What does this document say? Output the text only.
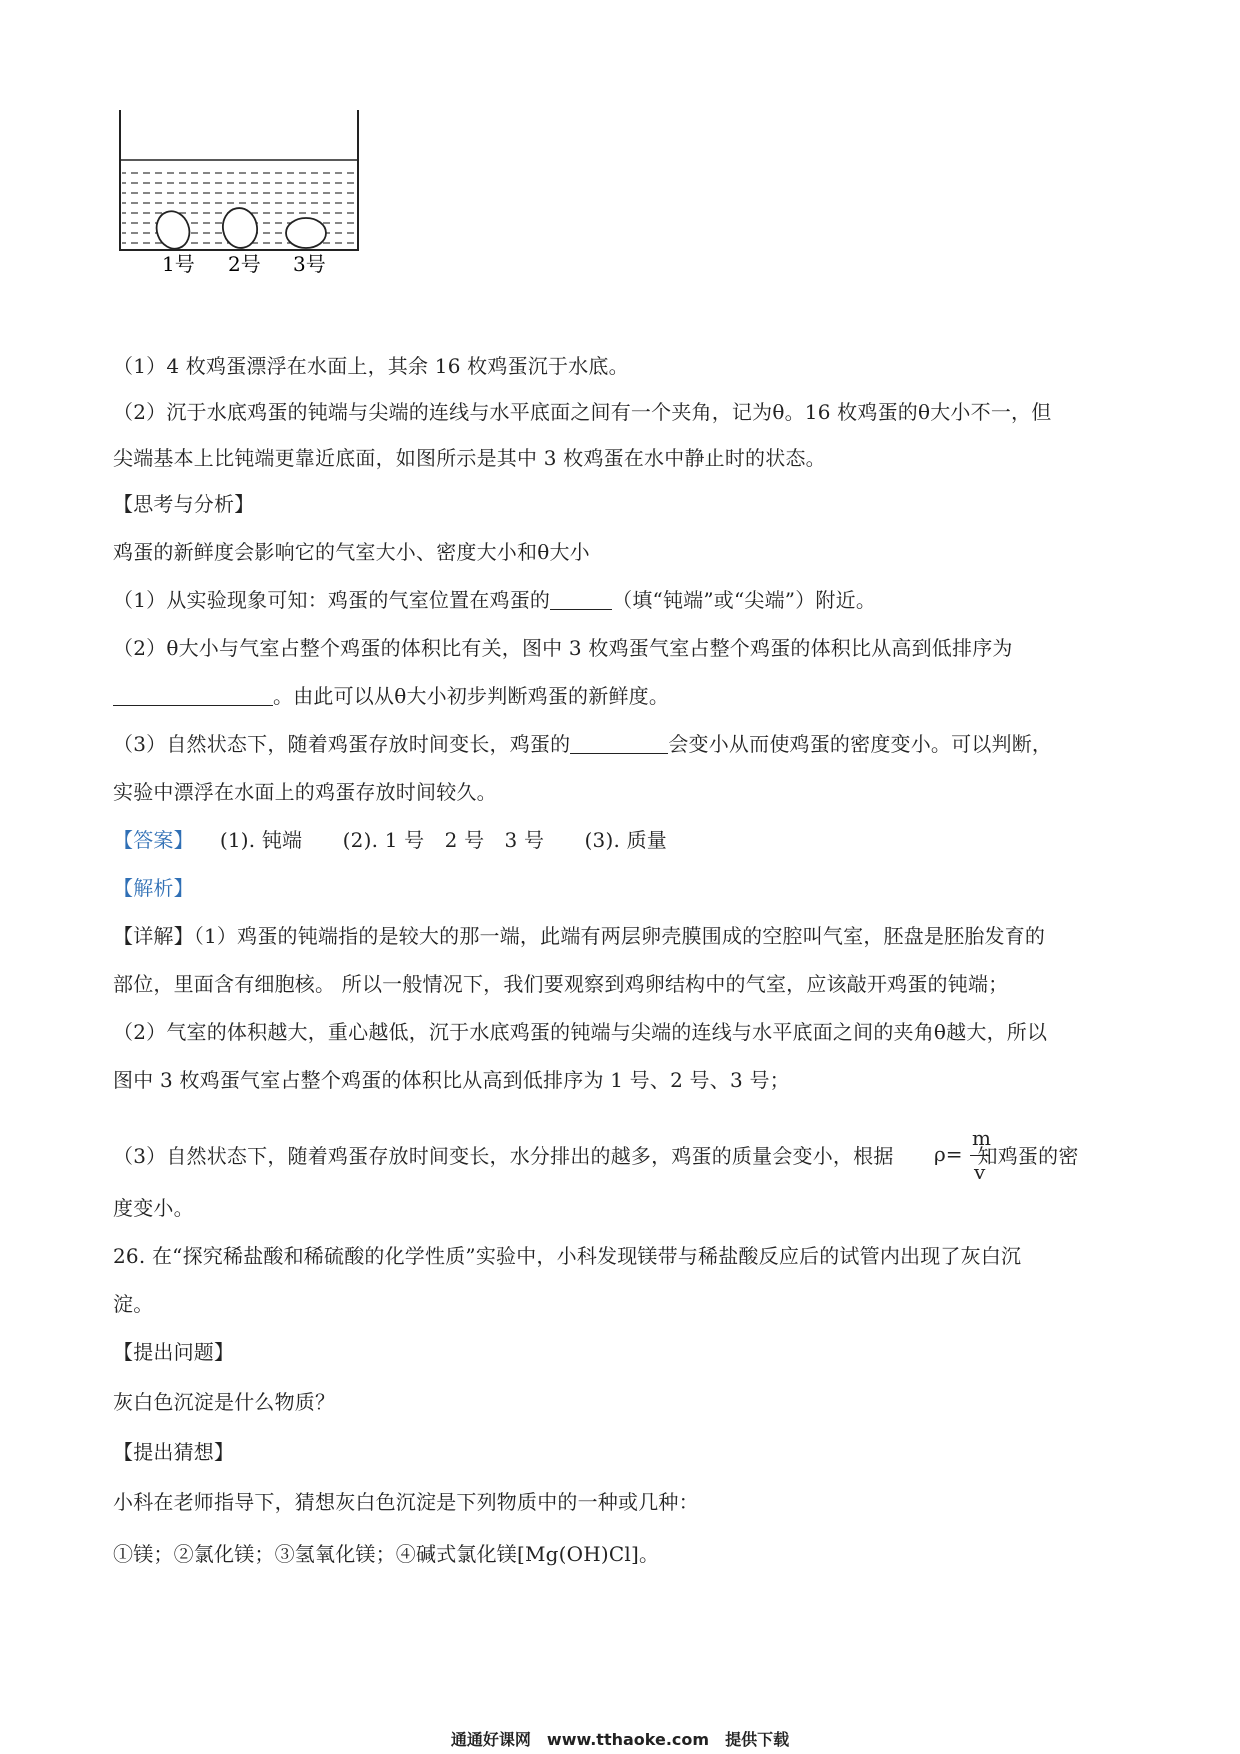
1号 2号 3号
（1）4 枚鸡蛋漂浮在水面上，其余 16 枚鸡蛋沉于水底。
（2）沉于水底鸡蛋的钝端与尖端的连线与水平底面之间有一个夹角，记为θ。16 枚鸡蛋的θ大小不一，但
尖端基本上比钝端更靠近底面，如图所示是其中 3 枚鸡蛋在水中静止时的状态。
【思考与分析】
鸡蛋的新鲜度会影响它的气室大小、密度大小和θ大小
（1）从实验现象可知：鸡蛋的气室位置在鸡蛋的	（填“钝端”或“尖端”）附近。
（2）θ大小与气室占整个鸡蛋的体积比有关，图中 3 枚鸡蛋气室占整个鸡蛋的体积比从高到低排序为
。由此可以从θ大小初步判断鸡蛋的新鲜度。
（3）自然状态下，随着鸡蛋存放时间变长，鸡蛋的	会变小从而使鸡蛋的密度变小。可以判断，
实验中漂浮在水面上的鸡蛋存放时间较久。
【答案】 (1). 钝端　　(2). 1 号　2 号　3 号　　(3). 质量
【解析】
【详解】（1）鸡蛋的钝端指的是较大的那一端，此端有两层卵壳膜围成的空腔叫气室，胚盘是胚胎发育的
部位，里面含有细胞核。 所以一般情况下，我们要观察到鸡卵结构中的气室，应该敲开鸡蛋的钝端；
（2）气室的体积越大，重心越低，沉于水底鸡蛋的钝端与尖端的连线与水平底面之间的夹角θ越大，所以
图中 3 枚鸡蛋气室占整个鸡蛋的体积比从高到低排序为 1 号、2 号、3 号；
（3）自然状态下，随着鸡蛋存放时间变长，水分排出的越多，鸡蛋的质量会变小，根据	知鸡蛋的密
ρ=
m
v
度变小。
26. 在“探究稀盐酸和稀硫酸的化学性质”实验中，小科发现镁带与稀盐酸反应后的试管内出现了灰白沉
淀。
【提出问题】
灰白色沉淀是什么物质？
【提出猜想】
小科在老师指导下，猜想灰白色沉淀是下列物质中的一种或几种：
①镁；②氯化镁；③氢氧化镁；④碱式氯化镁[Mg(OH)Cl]。
通通好课网　www.tthaoke.com　提供下载
